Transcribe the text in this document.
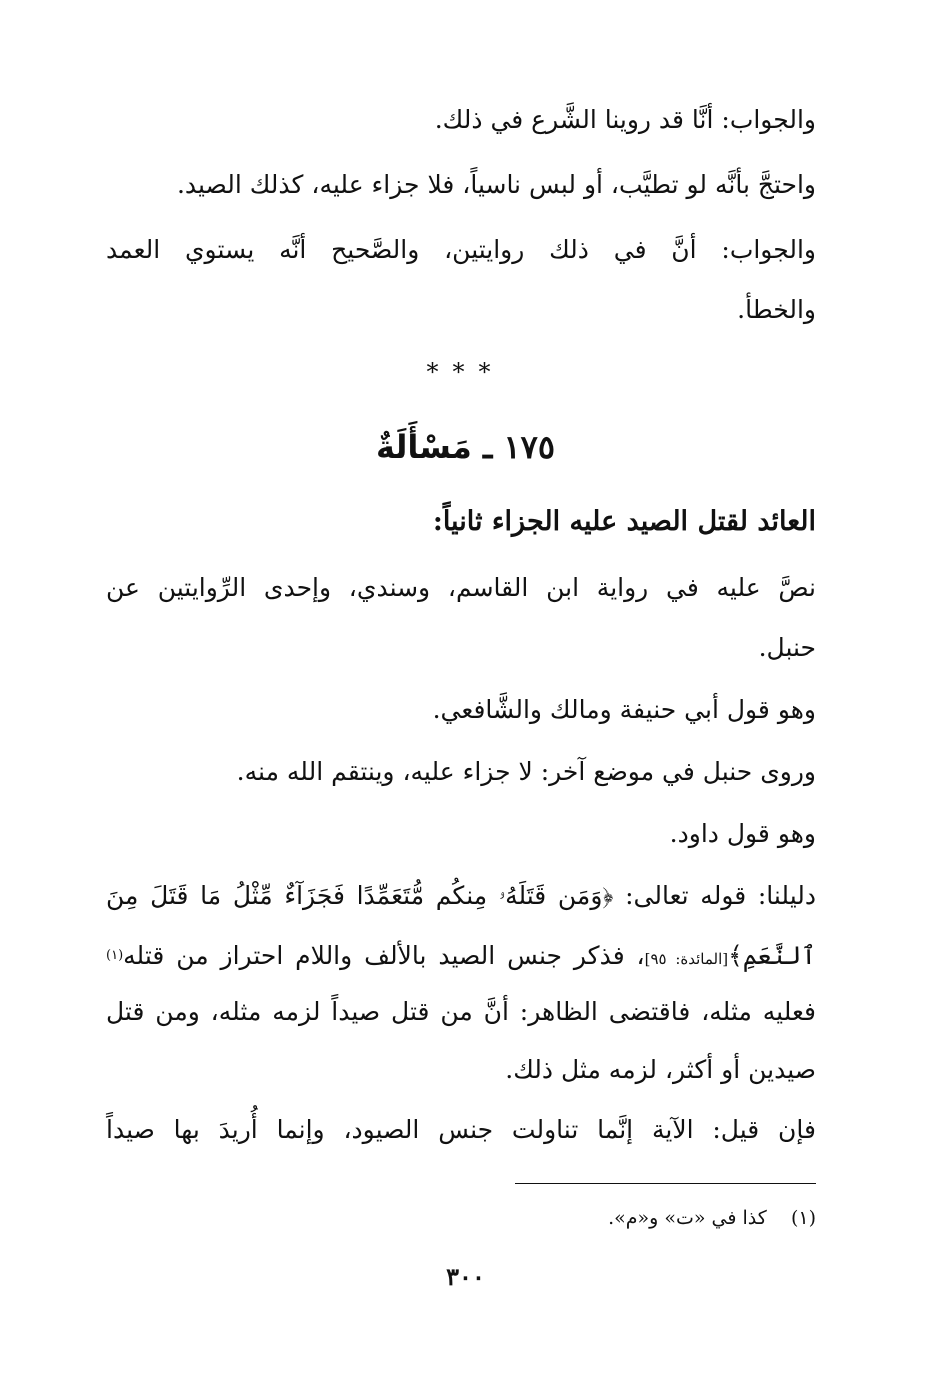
والجواب: أنَّا قد روينا الشَّرع في ذلك.
واحتجَّ بأنَّه لو تطيَّب، أو لبس ناسياً، فلا جزاء عليه، كذلك الصيد.
والجواب: أنَّ في ذلك روايتين، والصَّحيح أنَّه يستوي العمد
والخطأ.
***
١٧٥ ـ مَسْأَلَةٌ
العائد لقتل الصيد عليه الجزاء ثانياً:
نصَّ عليه في رواية ابن القاسم، وسندي، وإحدى الرِّوايتين عن
حنبل.
وهو قول أبي حنيفة ومالك والشَّافعي.
وروى حنبل في موضع آخر: لا جزاء عليه، وينتقم الله منه.
وهو قول داود.
دليلنا: قوله تعالى: ﴿وَمَن قَتَلَهُۥ مِنكُم مُّتَعَمِّدًا فَجَزَآءٌ مِّثْلُ مَا قَتَلَ مِنَ
ٱلنَّعَمِ﴾[المائدة: ٩٥]، فذكر جنس الصيد بالألف واللام احتراز من قتله$^{(١)}$
فعليه مثله، فاقتضى الظاهر: أنَّ من قتل صيداً لزمه مثله، ومن قتل
صيدين أو أكثر، لزمه مثل ذلك.
فإن قيل: الآية إنَّما تناولت جنس الصيود، وإنما أُريدَ بها صيداً
(١)    كذا في «ت» و«م».
٣٠٠
